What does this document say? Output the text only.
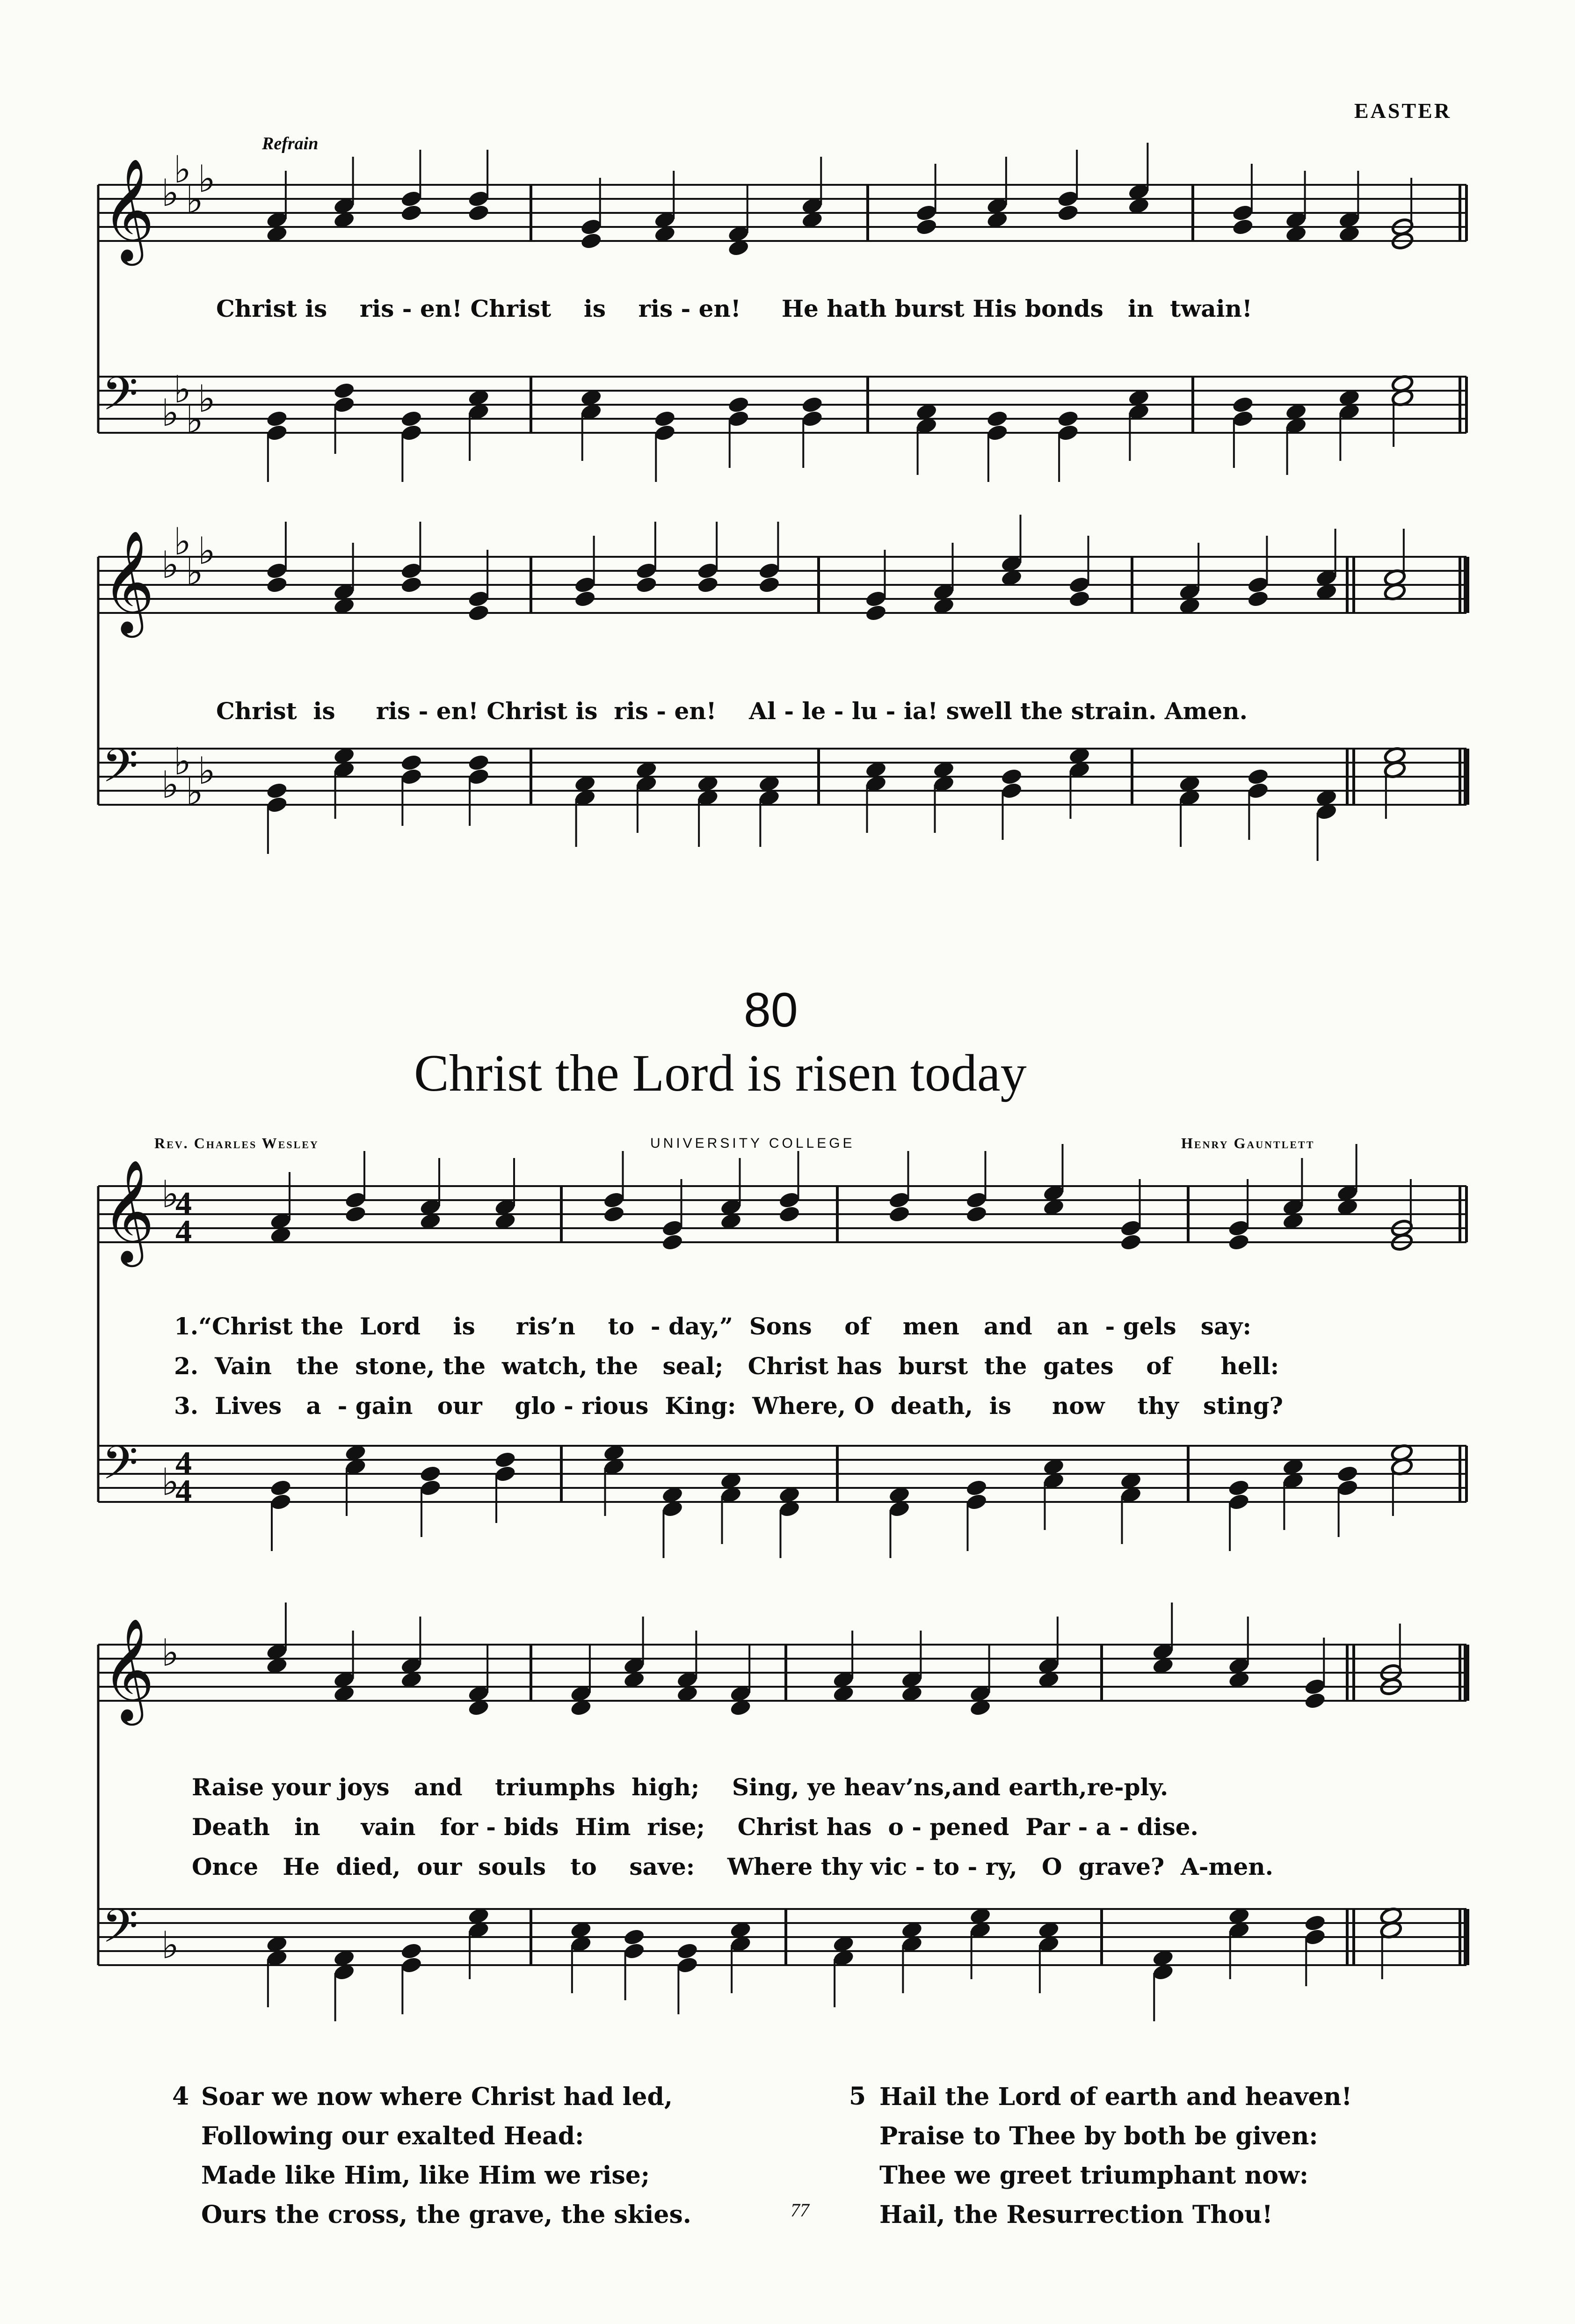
EASTER
𝄞 ♭
♭
♭
♭
𝄢 ♭
♭
♭
♭
𝄞 ♭
♭
♭
♭
𝄢 ♭
♭
♭
♭
𝄞 ♭
4
4
𝄢 ♭
4
4
𝄞 ♭
𝄢 ♭
Refrain
Christ is    ris - en! Christ    is    ris - en!     He hath burst His bonds   in  twain!
Christ  is     ris - en! Christ is  ris - en!    Al - le - lu - ia! swell the strain. Amen.
80
Christ the Lord is risen today
Rev. Charles Wesley	UNIVERSITY COLLEGE	Henry Gauntlett
1.“Christ the  Lord    is     ris’n    to  - day,”  Sons    of    men   and   an  - gels   say:
2.  Vain   the  stone, the  watch, the   seal;   Christ has  burst  the  gates    of      hell:
3.  Lives   a  - gain   our    glo - rious  King:  Where, O  death,  is     now    thy   sting?
Raise your joys   and    triumphs  high;    Sing, ye heav’ns,and earth,re-ply.
Death   in     vain   for - bids  Him  rise;    Christ has  o - pened  Par - a - dise.
Once   He  died,  our  souls   to    save:    Where thy vic - to - ry,   O  grave?  A-men.
4 Soar we now where Christ had led,
Following our exalted Head:
Made like Him, like Him we rise;
Ours the cross, the grave, the skies.	77
5 Hail the Lord of earth and heaven!
Praise to Thee by both be given:
Thee we greet triumphant now:
Hail, the Resurrection Thou!
